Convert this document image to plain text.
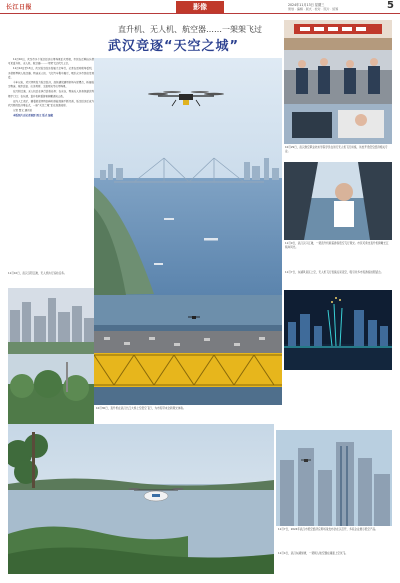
长江日报	影像	2024年11月13日 星期三
策划 · 编辑 · 版式 · 校对 · 照片 · 统筹	5
直升机、无人机、航空器……一架架飞过
武汉竞逐“天空之城”

11月10日，武汉市多个低空经济应用场景正式亮相，市民在江畔抬头便可见直升机、无人机、航空器……一架架飞过武汉上空。

11月12日至13日，武汉低空经济发展大会举行。记者在活动现场看到，多款新型载人航空器、物流无人机、飞行汽车集中展示，吸引众多市民驻足观看。

今年以来，武汉持续发力低空经济，加快建设通用机场与起降点，拓展低空物流、城市巡查、应急救援、文旅观光等应用场景。

在汉阳江滩，无人机正在执行巡检任务；在光谷，物流无人机将快递送到楼宇门口；在东湖，直升机载着游客俯瞰湖光山色。

业内人士表示，随着政策持续加码和基础设施不断完善，低空经济正成为武汉新的经济增长点，一座“天空之城”正在加速成形。

记者 图文 通讯员

本版图片由记者摄影 图文 版式 编辑

10月30日，直升机在武汉长江大桥上空低空飞行，为市民带来全新观光体验。
11月10日，武汉汉阳江滩，无人机执行巡检任务。
10月29日，武汉航空职业技术学院学员在进行无人机飞行训练，该校开设低空经济相关专业。
11月9日，武汉汉口江滩，一架直升机载着游客低空飞行观光。市民可乘坐直升机俯瞰长江两岸风光。
11月7日，东湖风景区上空，无人机飞行表演点亮夜空，吸引众多市民游客拍照留念。
11月7日，2024年武汉市低空经济应用场景发布会在汉召开，多家企业展示低空产品。
11月4日，武汉东湖绿道，一架载人航空器在湖面上空试飞。
